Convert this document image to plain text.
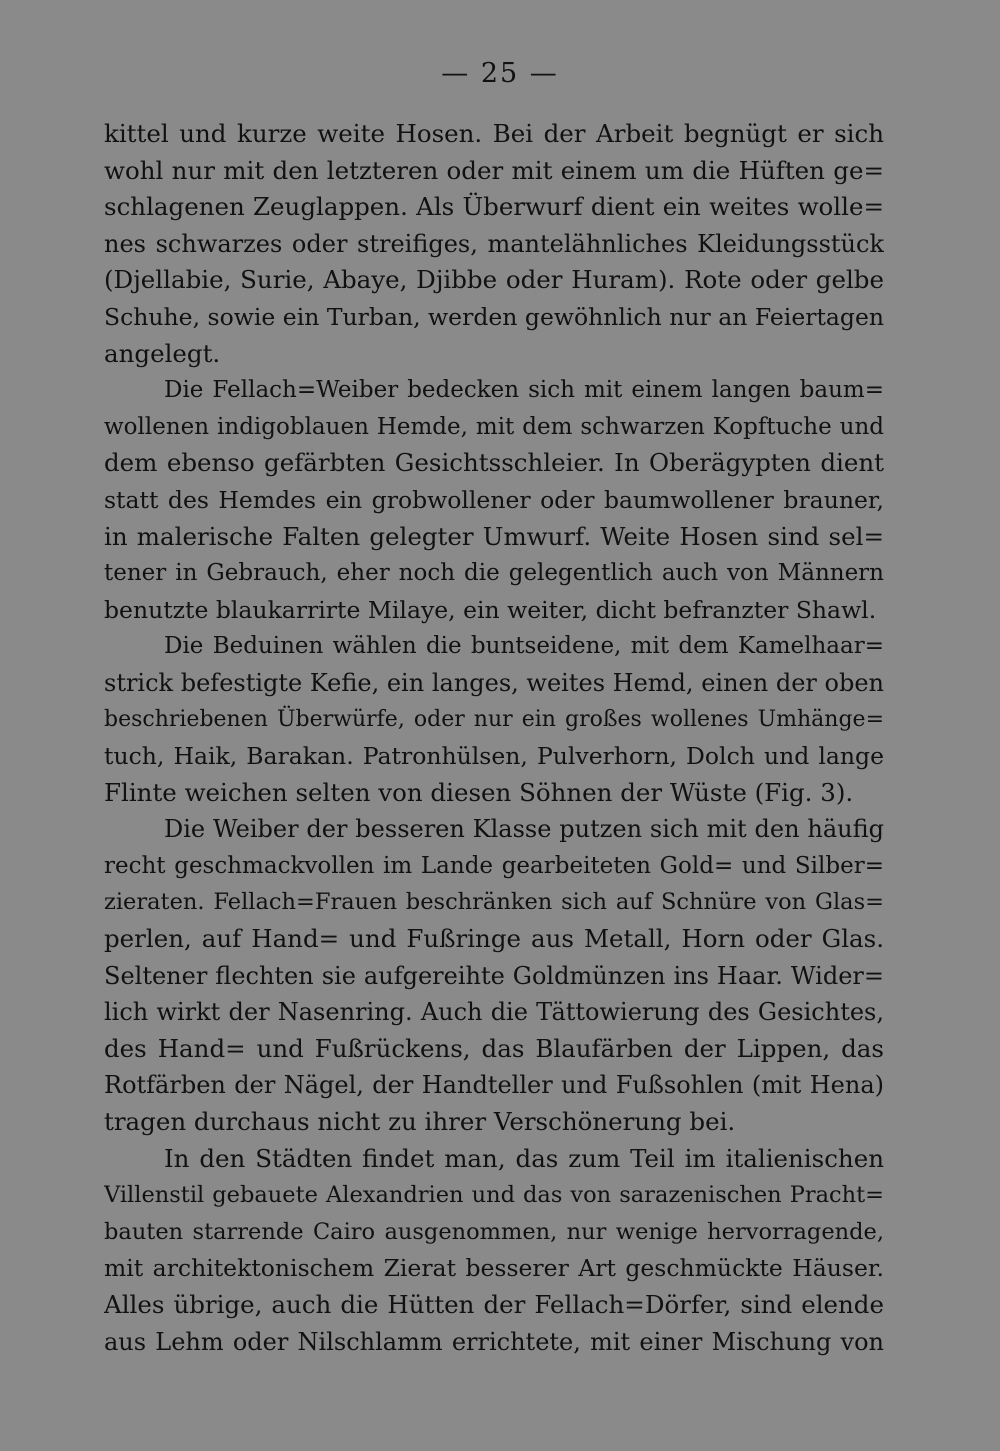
— 25 —
kittel und kurze weite Hosen. Bei der Arbeit begnügt er sich
wohl nur mit den letzteren oder mit einem um die Hüften ge=
schlagenen Zeuglappen. Als Überwurf dient ein weites wolle=
nes schwarzes oder streifiges, mantelähnliches Kleidungsstück
(Djellabie, Surie, Abaye, Djibbe oder Huram). Rote oder gelbe
Schuhe, sowie ein Turban, werden gewöhnlich nur an Feiertagen
angelegt.
Die Fellach=Weiber bedecken sich mit einem langen baum=
wollenen indigoblauen Hemde, mit dem schwarzen Kopftuche und
dem ebenso gefärbten Gesichtsschleier. In Oberägypten dient
statt des Hemdes ein grobwollener oder baumwollener brauner,
in malerische Falten gelegter Umwurf. Weite Hosen sind sel=
tener in Gebrauch, eher noch die gelegentlich auch von Männern
benutzte blaukarrirte Milaye, ein weiter, dicht befranzter Shawl.
Die Beduinen wählen die buntseidene, mit dem Kamelhaar=
strick befestigte Kefie, ein langes, weites Hemd, einen der oben
beschriebenen Überwürfe, oder nur ein großes wollenes Umhänge=
tuch, Haik, Barakan. Patronhülsen, Pulverhorn, Dolch und lange
Flinte weichen selten von diesen Söhnen der Wüste (Fig. 3).
Die Weiber der besseren Klasse putzen sich mit den häufig
recht geschmackvollen im Lande gearbeiteten Gold= und Silber=
zieraten. Fellach=Frauen beschränken sich auf Schnüre von Glas=
perlen, auf Hand= und Fußringe aus Metall, Horn oder Glas.
Seltener flechten sie aufgereihte Goldmünzen ins Haar. Wider=
lich wirkt der Nasenring. Auch die Tättowierung des Gesichtes,
des Hand= und Fußrückens, das Blaufärben der Lippen, das
Rotfärben der Nägel, der Handteller und Fußsohlen (mit Hena)
tragen durchaus nicht zu ihrer Verschönerung bei.
In den Städten findet man, das zum Teil im italienischen
Villenstil gebauete Alexandrien und das von sarazenischen Pracht=
bauten starrende Cairo ausgenommen, nur wenige hervorragende,
mit architektonischem Zierat besserer Art geschmückte Häuser.
Alles übrige, auch die Hütten der Fellach=Dörfer, sind elende
aus Lehm oder Nilschlamm errichtete, mit einer Mischung von
